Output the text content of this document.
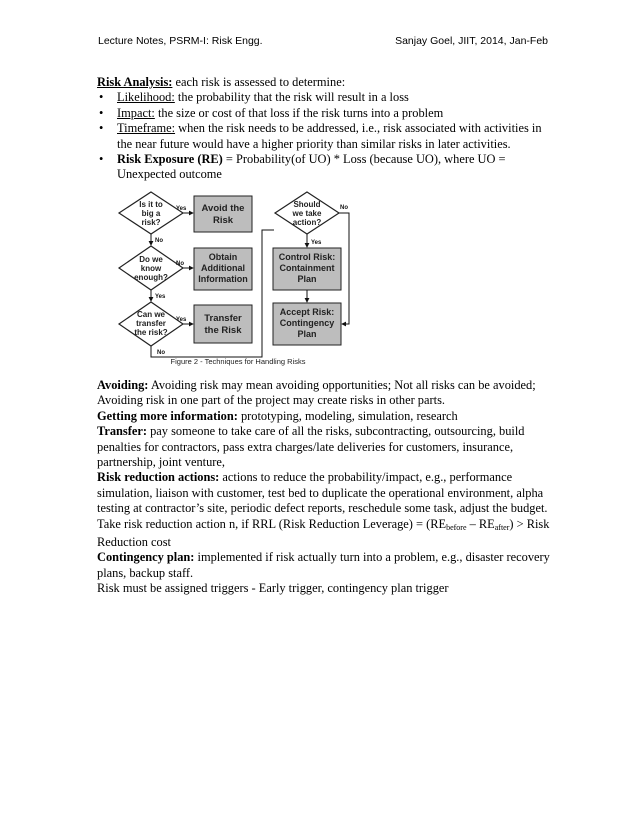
Lecture Notes, PSRM-I: Risk Engg.	Sanjay Goel, JIIT, 2014, Jan-Feb
Risk Analysis: each risk is assessed to determine:
• Likelihood: the probability that the risk will result in a loss
• Impact: the size or cost of that loss if the risk turns into a problem
• Timeframe: when the risk needs to be addressed, i.e., risk associated with activities in the near future would have a higher priority than similar risks in later activities.
• Risk Exposure (RE) = Probability(of UO) * Loss (because UO), where UO = Unexpected outcome
Is it to big a risk?
Do we know enough?
Can we transfer the risk?
Should we take action?
Avoid the Risk
Obtain Additional Information
Transfer the Risk
Control Risk: Containment Plan
Accept Risk: Contingency Plan
Yes
No
Yes
No
Yes
No
Yes
No
Figure 2 - Techniques for Handling Risks
Avoiding: Avoiding risk may mean avoiding opportunities; Not all risks can be avoided; Avoiding risk in one part of the project may create risks in other parts.
Getting more information: prototyping, modeling, simulation, research
Transfer: pay someone to take care of all the risks, subcontracting, outsourcing, build penalties for contractors, pass extra charges/late deliveries for customers, insurance, partnership, joint venture,
Risk reduction actions: actions to reduce the probability/impact, e.g., performance simulation, liaison with customer, test bed to duplicate the operational environment, alpha testing at contractor’s site, periodic defect reports, reschedule some task, adjust the budget.
Take risk reduction action n, if RRL (Risk Reduction Leverage) = $(RE_{before} - RE_{after})$ > Risk Reduction cost
Contingency plan: implemented if risk actually turn into a problem, e.g., disaster recovery plans, backup staff.
Risk must be assigned triggers - Early trigger, contingency plan trigger
